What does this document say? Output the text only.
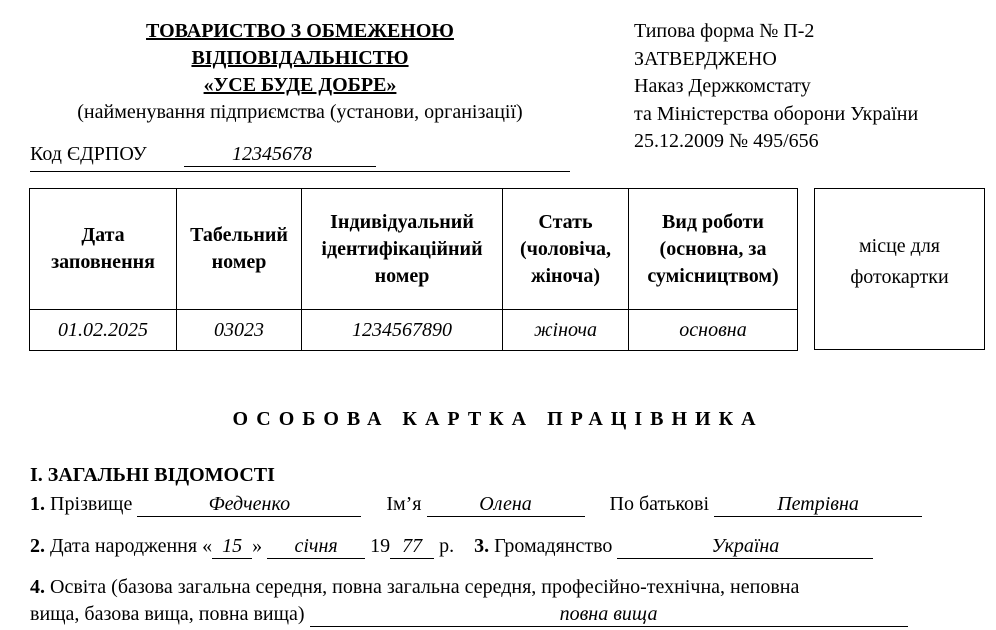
ТОВАРИСТВО З ОБМЕЖЕНОЮ
ВІДПОВІДАЛЬНІСТЮ
«УСЕ БУДЕ ДОБРЕ»
(найменування підприємства (установи, організації)
Код ЄДРПОУ	12345678
Типова форма № П-2
ЗАТВЕРДЖЕНО
Наказ Держкомстату
та Міністерства оборони України
25.12.2009 № 495/656
Дата заповнення	Табельний номер	Індивідуальний ідентифікаційний номер	Стать (чоловіча, жіноча)	Вид роботи (основна, за сумісництвом)
01.02.2025	03023	1234567890	жіноча	основна
місце для
фотокартки
ОСОБОВА КАРТКА ПРАЦІВНИКА
І. ЗАГАЛЬНІ ВІДОМОСТІ
1. Прізвище	Федченко	Ім’я	Олена	По батькові	Петрівна
2. Дата народження « 15 » січня 19 77 р. 3. Громадянство	Україна
4. Освіта (базова загальна середня, повна загальна середня, професійно-технічна, неповна
вища, базова вища, повна вища)	повна вища
